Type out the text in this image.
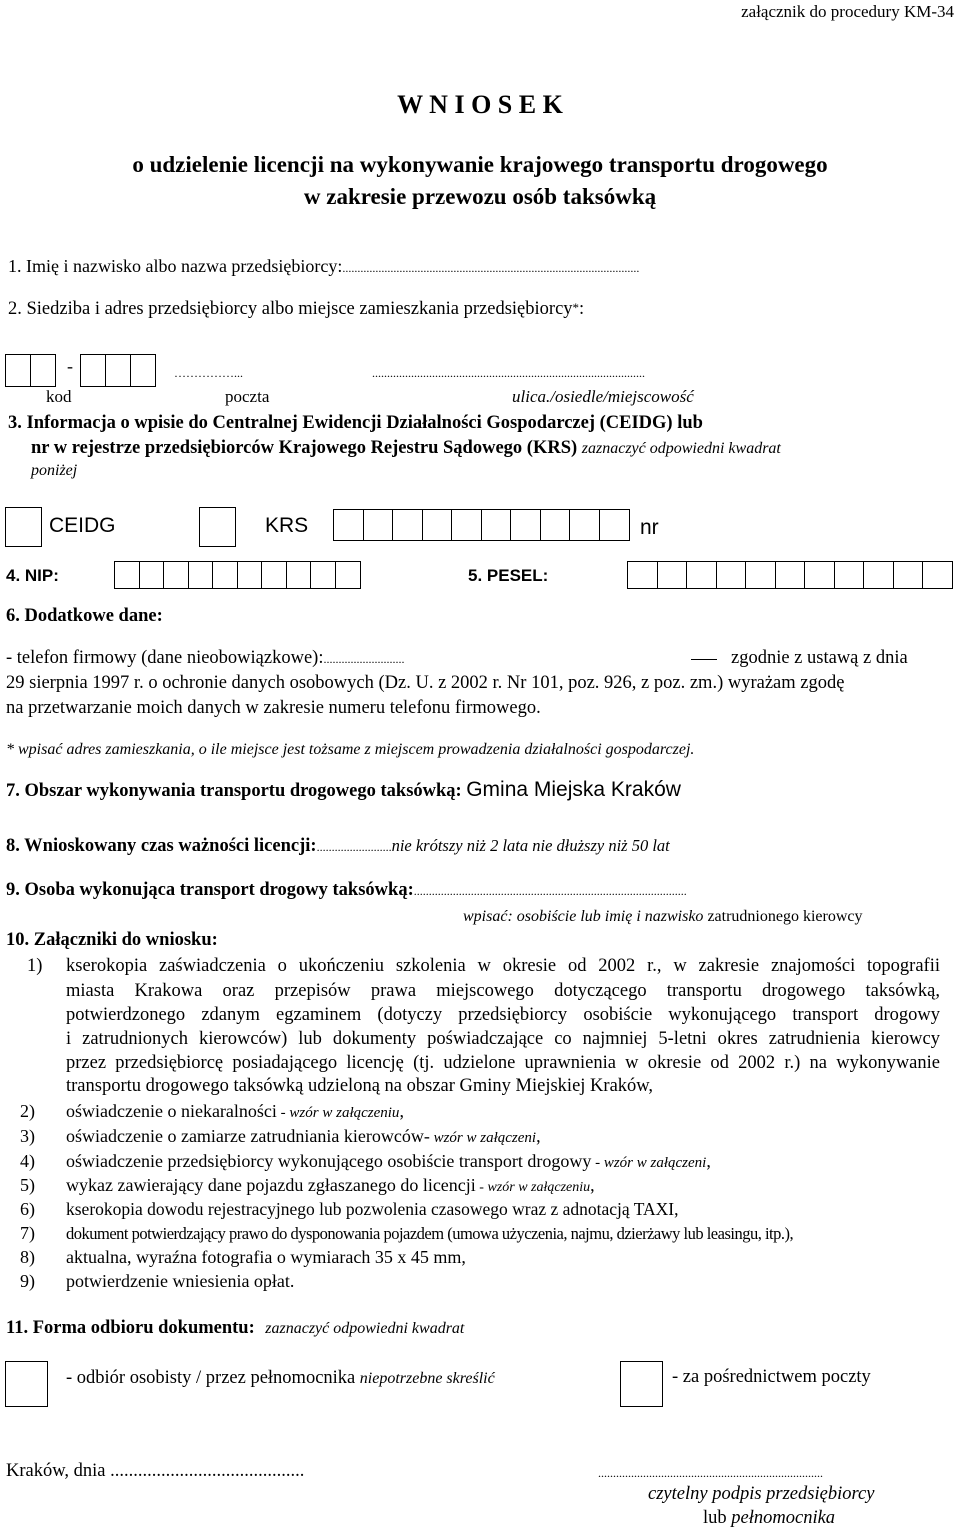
załącznik do procedury KM-34
W N I O S E K
o udzielenie licencji na wykonywanie krajowego transportu drogowego
w zakresie przewozu osób taksówką
1. Imię i nazwisko albo nazwa przedsiębiorcy:...................................................................................................
2. Siedziba i adres przedsiębiorcy albo miejsce zamieszkania przedsiębiorcy*:
-	……………...	...........................................................................................
kod	poczta	ulica./osiedle/miejscowość
3. Informacja o wpisie do Centralnej Ewidencji Działalności Gospodarczej (CEIDG) lub
nr w rejestrze przedsiębiorców Krajowego Rejestru Sądowego (KRS) zaznaczyć odpowiedni kwadrat
poniżej
CEIDG	KRS	nr
4. NIP:	5. PESEL:
6. Dodatkowe dane:
- telefon firmowy (dane nieobowiązkowe):...........................	zgodnie z ustawą z dnia
29 sierpnia 1997 r. o ochronie danych osobowych (Dz. U. z 2002 r. Nr 101, poz. 926, z poz. zm.) wyrażam zgodę
na przetwarzanie moich danych w zakresie numeru telefonu firmowego.
* wpisać adres zamieszkania, o ile miejsce jest tożsame z miejscem prowadzenia działalności gospodarczej.
7. Obszar wykonywania transportu drogowego taksówką: Gmina Miejska Kraków
8. Wnioskowany czas ważności licencji:.........................nie krótszy niż 2 lata nie dłuższy niż 50 lat
9. Osoba wykonująca transport drogowy taksówką:...........................................................................................
wpisać: osobiście lub imię i nazwisko zatrudnionego kierowcy
10. Załączniki do wniosku:
1) kserokopia zaświadczenia o ukończeniu szkolenia w okresie od 2002 r., w zakresie znajomości topografii
miasta Krakowa oraz przepisów prawa miejscowego dotyczącego transportu drogowego taksówką,
potwierdzonego zdanym egzaminem (dotyczy przedsiębiorcy osobiście wykonującego transport drogowy
i zatrudnionych kierowców) lub dokumenty poświadczające co najmniej 5-letni okres zatrudnienia kierowcy
przez przedsiębiorcę posiadającego licencję (tj. udzielone uprawnienia w okresie od 2002 r.) na wykonywanie
transportu drogowego taksówką udzieloną na obszar Gminy Miejskiej Kraków,
2) oświadczenie o niekaralności - wzór w załączeniu,
3) oświadczenie o zamiarze zatrudniania kierowców- wzór w załączeni,
4) oświadczenie przedsiębiorcy wykonującego osobiście transport drogowy - wzór w załączeni,
5) wykaz zawierający dane pojazdu zgłaszanego do licencji - wzór w załączeniu,
6) kserokopia dowodu rejestracyjnego lub pozwolenia czasowego wraz z adnotacją TAXI,
7) dokument potwierdzający prawo do dysponowania pojazdem (umowa użyczenia, najmu, dzierżawy lub leasingu, itp.),
8) aktualna, wyraźna fotografia o wymiarach 35 x 45 mm,
9) potwierdzenie wniesienia opłat.
11. Forma odbioru dokumentu: zaznaczyć odpowiedni kwadrat
- odbiór osobisty / przez pełnomocnika niepotrzebne skreślić	- za pośrednictwem poczty
Kraków, dnia ..........................................	...........................................................................
czytelny podpis przedsiębiorcy
lub pełnomocnika
